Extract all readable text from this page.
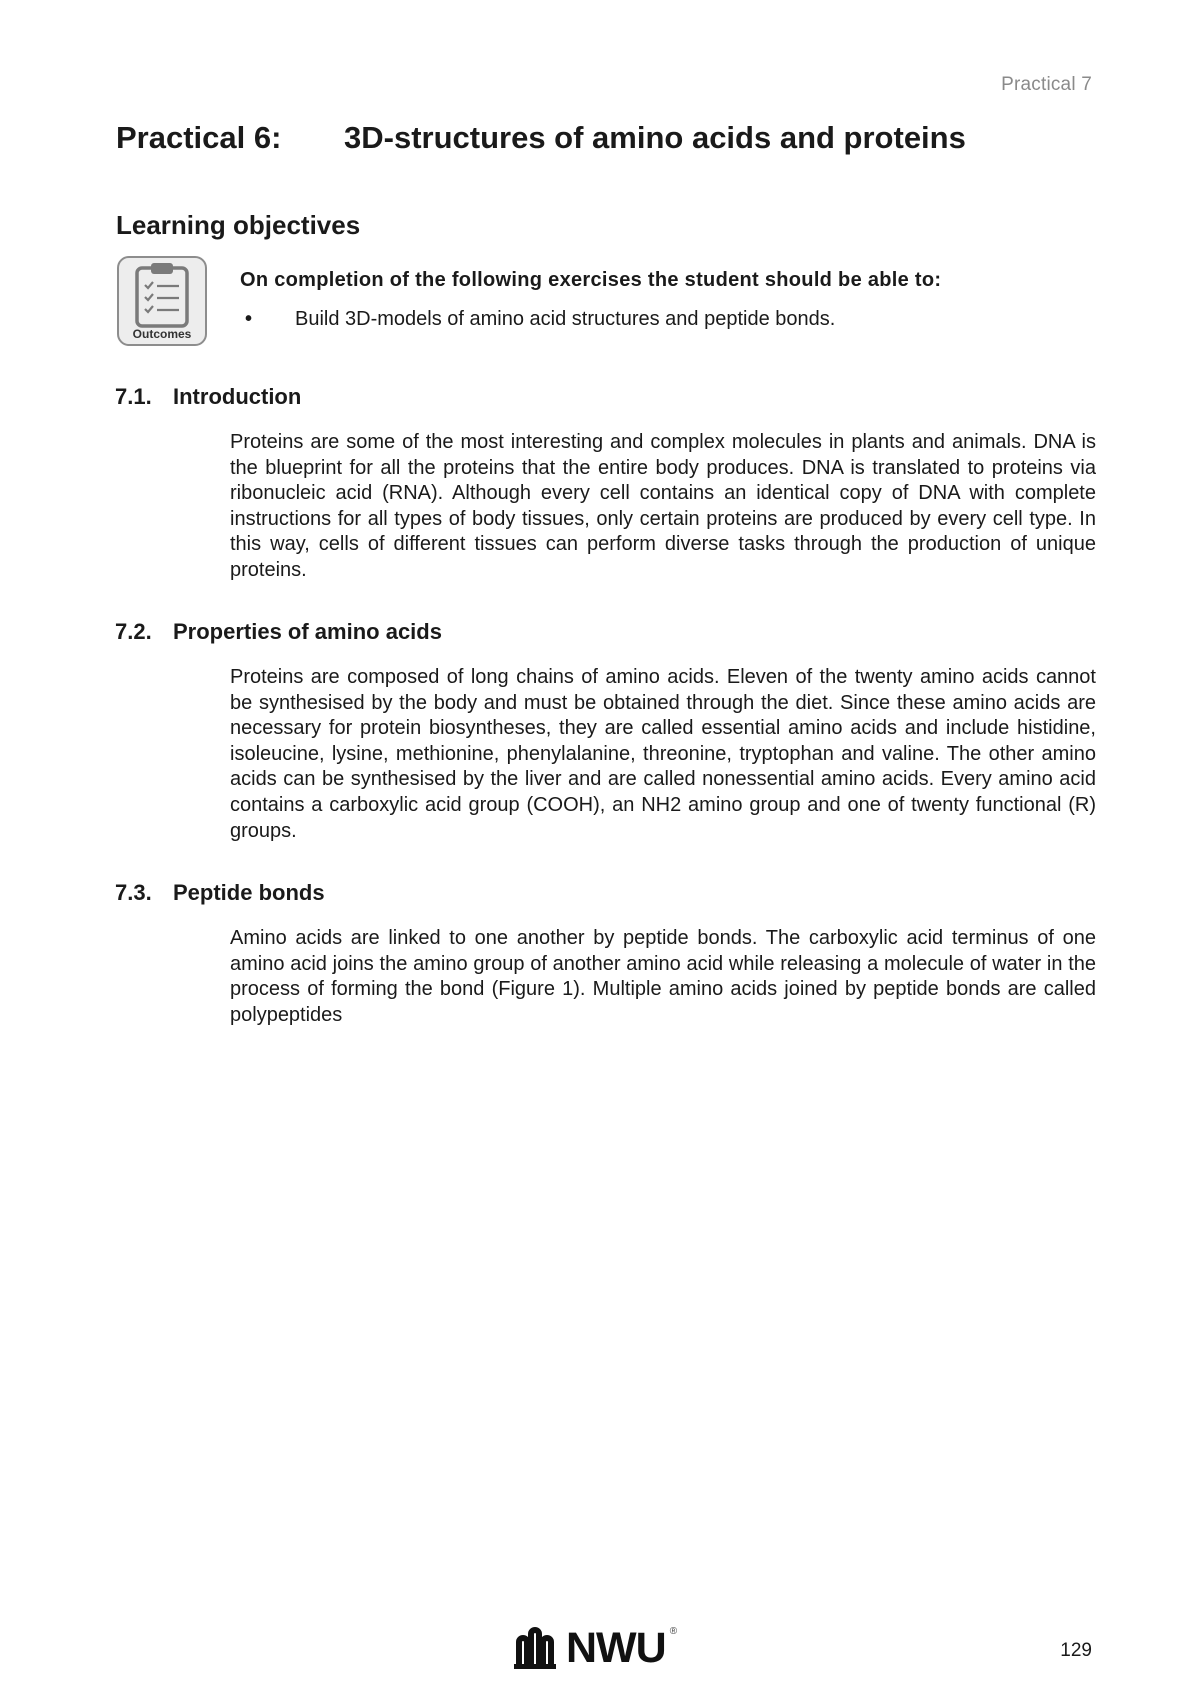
Practical 7
Practical 6: 3D-structures of amino acids and proteins
Learning objectives
Outcomes
On completion of the following exercises the student should be able to:
• Build 3D-models of amino acid structures and peptide bonds.
7.1. Introduction

Proteins are some of the most interesting and complex molecules in plants and animals. DNA is the blueprint for all the proteins that the entire body produces. DNA is translated to proteins via ribonucleic acid (RNA). Although every cell contains an identical copy of DNA with complete instructions for all types of body tissues, only certain proteins are produced by every cell type. In this way, cells of different tissues can perform diverse tasks through the production of unique proteins.

7.2. Properties of amino acids

Proteins are composed of long chains of amino acids. Eleven of the twenty amino acids cannot be synthesised by the body and must be obtained through the diet. Since these amino acids are necessary for protein biosyntheses, they are called essential amino acids and include histidine, isoleucine, lysine, methionine, phenylalanine, threonine, tryptophan and valine. The other amino acids can be synthesised by the liver and are called nonessential amino acids. Every amino acid contains a carboxylic acid group (COOH), an NH2 amino group and one of twenty functional (R) groups.

7.3. Peptide bonds

Amino acids are linked to one another by peptide bonds. The carboxylic acid terminus of one amino acid joins the amino group of another amino acid while releasing a molecule of water in the process of forming the bond (Figure 1). Multiple amino acids joined by peptide bonds are called polypeptides

NWU ®
129
